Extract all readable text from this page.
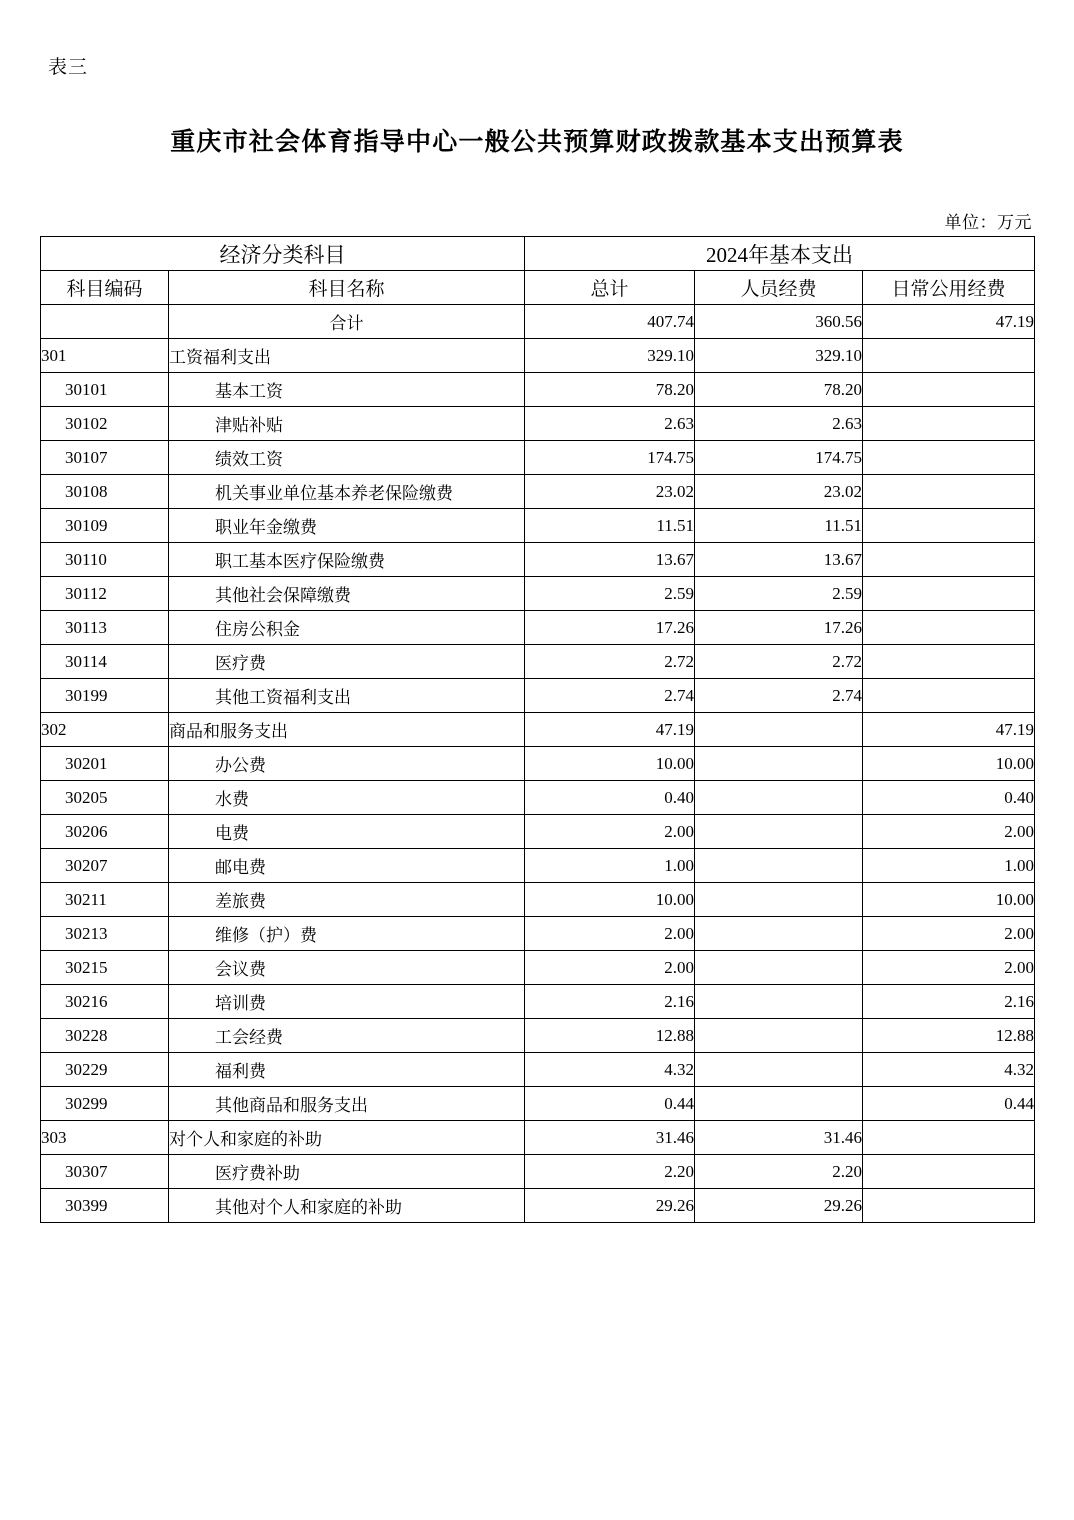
表三
重庆市社会体育指导中心一般公共预算财政拨款基本支出预算表
单位：万元
经济分类科目		2024年基本支出		
科目编码	科目名称	总计	人员经费	日常公用经费
	合计	407.74	360.56	47.19
301	工资福利支出	329.10	329.10	
30101	基本工资	78.20	78.20	
30102	津贴补贴	2.63	2.63	
30107	绩效工资	174.75	174.75	
30108	机关事业单位基本养老保险缴费	23.02	23.02	
30109	职业年金缴费	11.51	11.51	
30110	职工基本医疗保险缴费	13.67	13.67	
30112	其他社会保障缴费	2.59	2.59	
30113	住房公积金	17.26	17.26	
30114	医疗费	2.72	2.72	
30199	其他工资福利支出	2.74	2.74	
302	商品和服务支出	47.19		47.19
30201	办公费	10.00		10.00
30205	水费	0.40		0.40
30206	电费	2.00		2.00
30207	邮电费	1.00		1.00
30211	差旅费	10.00		10.00
30213	维修（护）费	2.00		2.00
30215	会议费	2.00		2.00
30216	培训费	2.16		2.16
30228	工会经费	12.88		12.88
30229	福利费	4.32		4.32
30299	其他商品和服务支出	0.44		0.44
303	对个人和家庭的补助	31.46	31.46	
30307	医疗费补助	2.20	2.20	
30399	其他对个人和家庭的补助	29.26	29.26	
